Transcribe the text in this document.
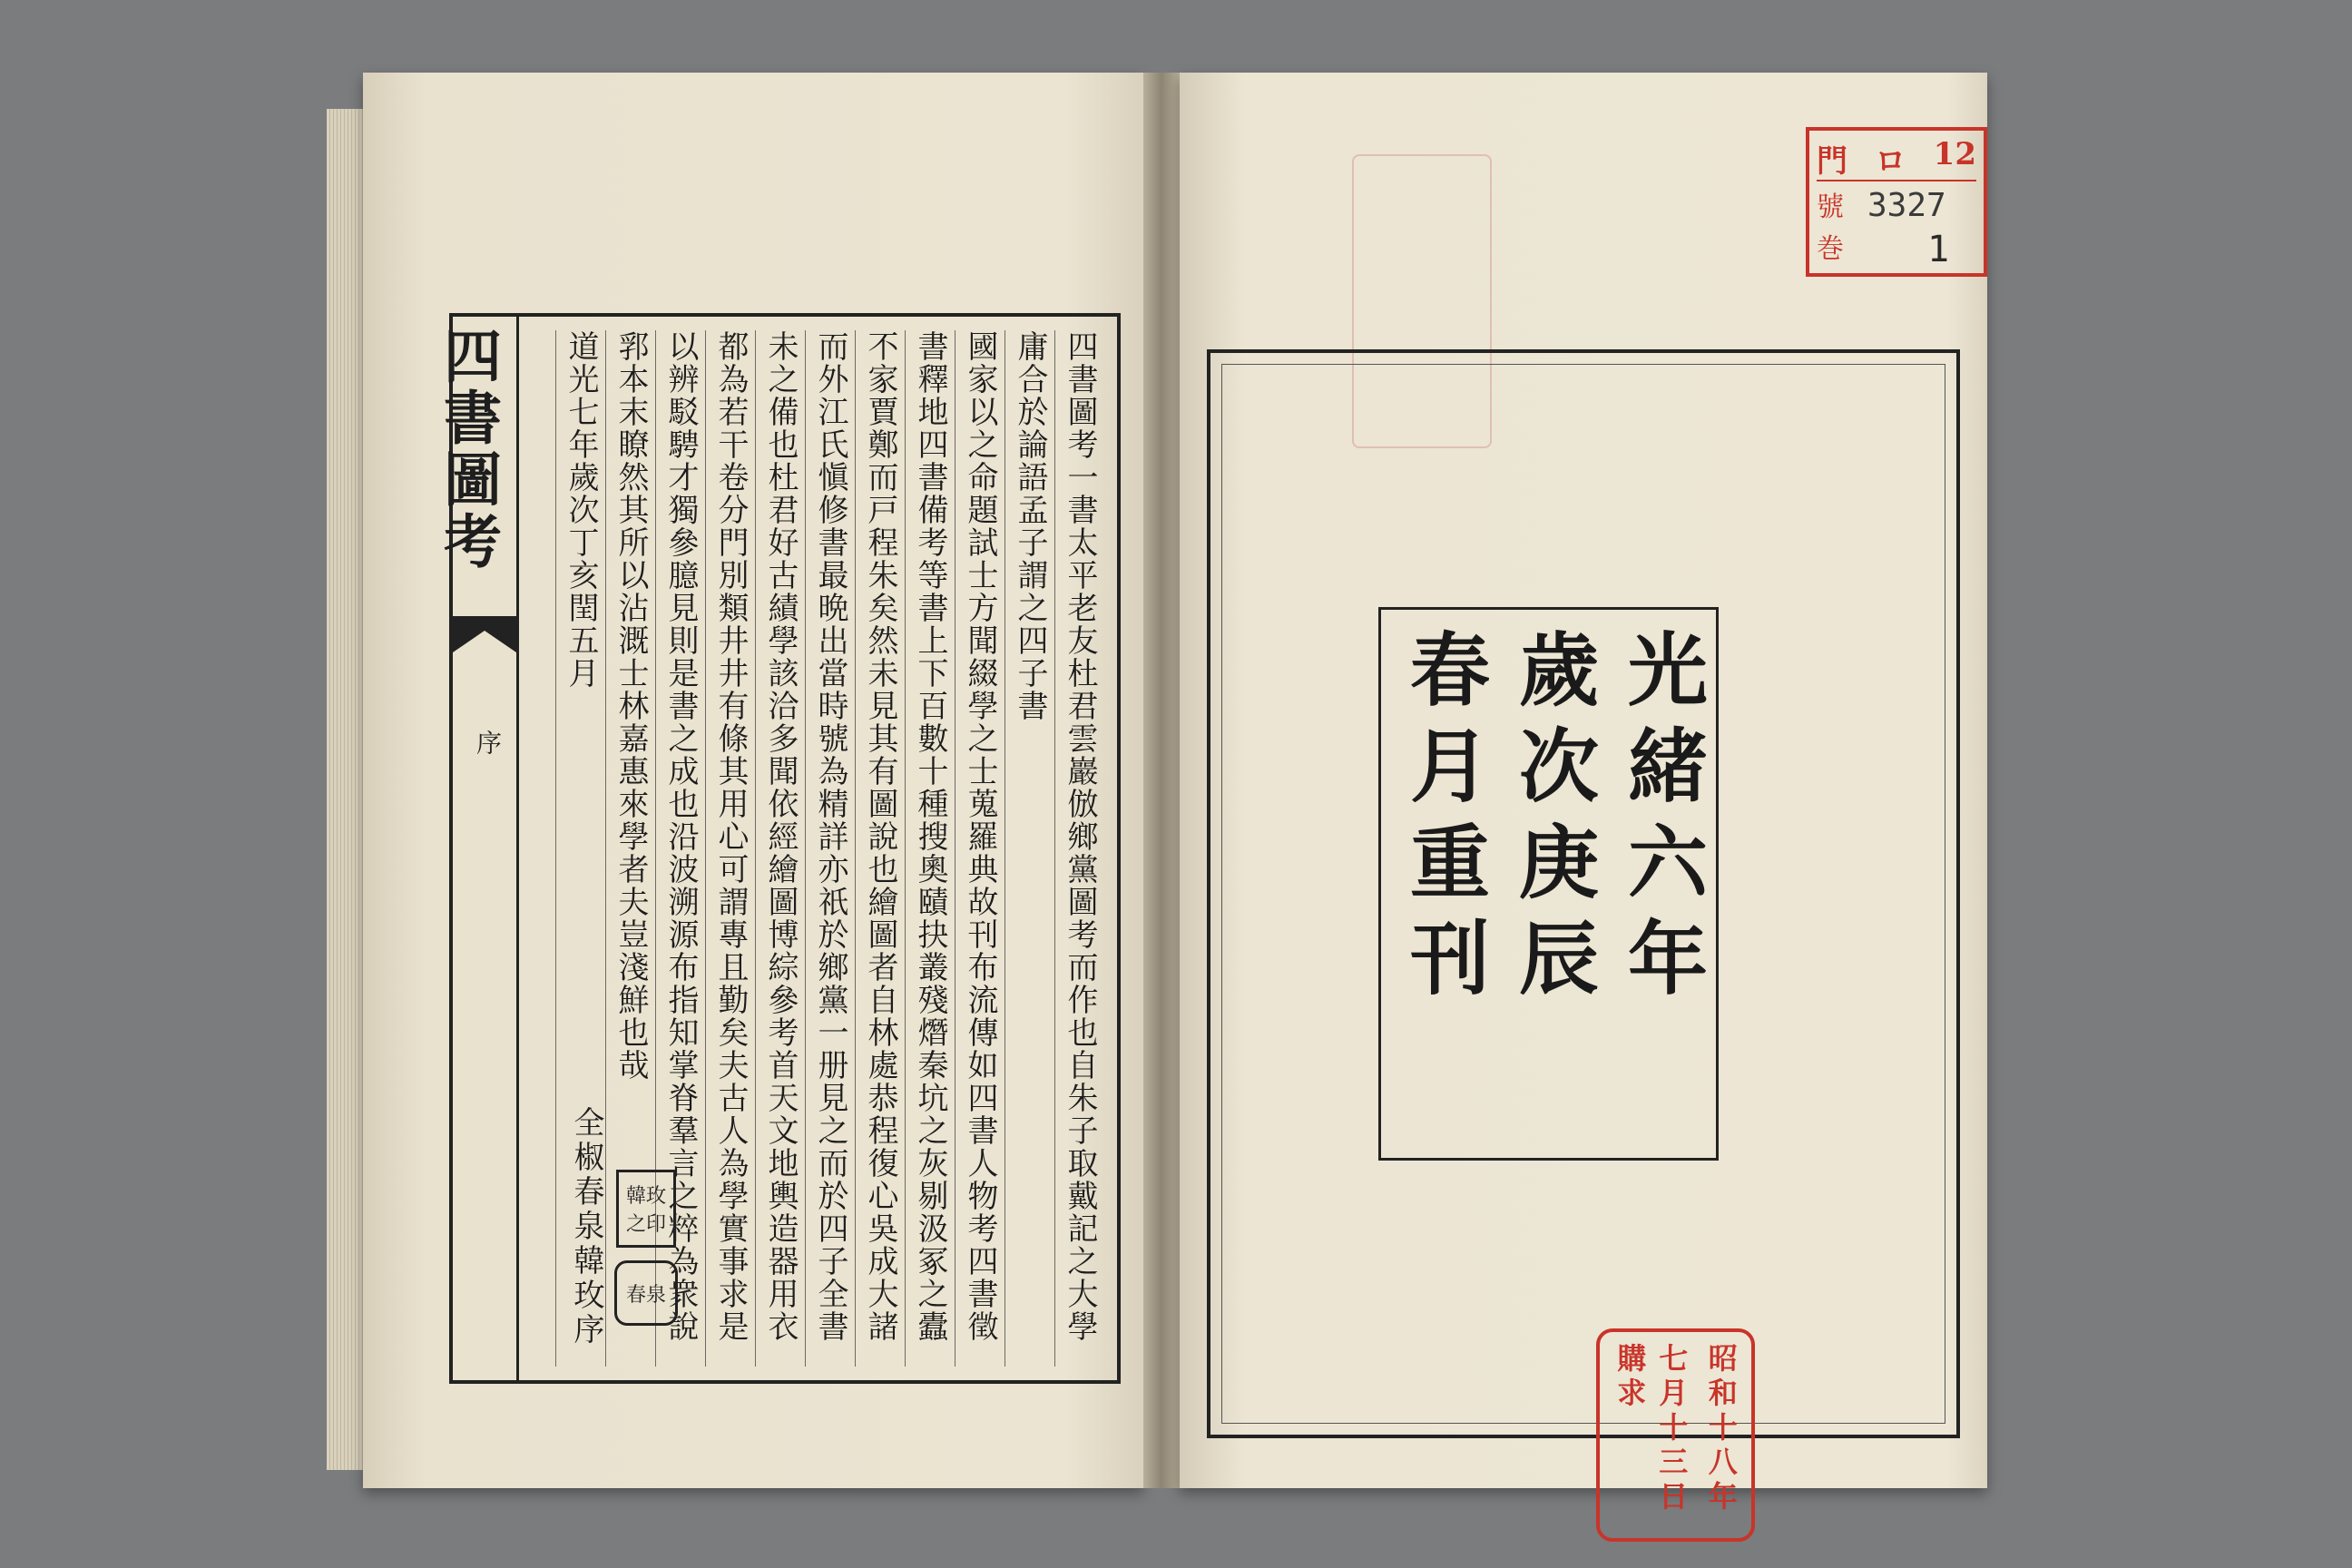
四書圖考
序
四書圖考一書太平老友杜君雲巖倣鄉黨圖考而作也自朱子取戴記之大學
庸合於論語孟子謂之四子書
國家以之命題試士方聞綴學之士蒐羅典故刊布流傳如四書人物考四書徵
書釋地四書備考等書上下百數十種搜奧賾抉叢殘熸秦坑之灰剔汲冢之蠹
不家賈鄭而戸程朱矣然未見其有圖說也繪圖者自林處恭程復心吳成大諸
而外江氏愼修書最晩出當時號為精詳亦祇於鄉黨一册見之而於四子全書
未之備也杜君好古績學該洽多聞依經繪圖博綜參考首天文地輿造器用衣
都為若干卷分門別類井井有條其用心可謂專且勤矣夫古人為學實事求是
以辨駁騁才獨參臆見則是書之成也沿波溯源布指知掌脊羣言之粹為衆說
郛本末瞭然其所以沾溉士林嘉惠來學者夫豈淺鮮也哉
道光七年歲次丁亥閏五月
全椒春泉韓玫序	韓玫之印
春泉
門 ロ 12
號
巻
3327
1
光緒六年
歲次庚辰
春月重刊
昭和十八年
七月十三日購求
